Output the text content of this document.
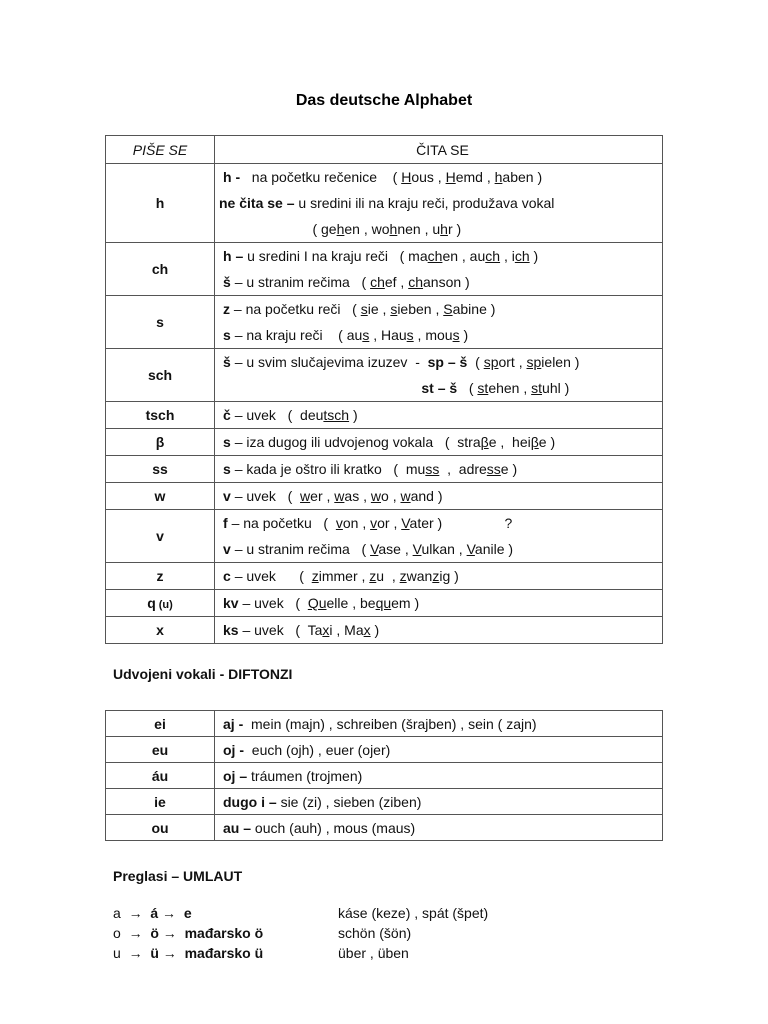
Das deutsche Alphabet
PIŠE SE	ČITA SE
h	h -   na početku rečenice    ( Hous , Hemd , haben )
ne čita se – u sredini ili na kraju reči, produžava vokal
( gehen , wohnen , uhr )

ch	h – u sredini I na kraju reči   ( machen , auch , ich )
š – u stranim rečima   ( chef , chanson )

s	z – na početku reči   ( sie , sieben , Sabine )
s – na kraju reči    ( aus , Haus , mous )

sch	š – u svim slučajevima izuzev  -  sp – š  ( sport , spielen )
st – š   ( stehen , stuhl )

tsch	č – uvek   (  deutsch )

β	s – iza dugog ili udvojenog vokala   (  straβe ,  heiβe )

ss	s – kada je oštro ili kratko   (  muss  ,  adresse )

w	v – uvek   (  wer , was , wo , wand )

v	f – na početku   (  von , vor , Vater )                ?
v – u stranim rečima   ( Vase , Vulkan , Vanile )

z	c – uvek      (  zimmer , zu  , zwanzig )

q (u)	kv – uvek   (  Quelle , bequem )

x	ks – uvek   (  Taxi , Max )
Udvojeni vokali - DIFTONZI
ei	aj -  mein (majn) , schreiben (šrajben) , sein ( zajn)
eu	oj -  euch (ojh) , euer (ojer)
áu	oj – tráumen (trojmen)
ie	dugo i – sie (zi) , sieben (ziben)
ou	au – ouch (auh) , mous (maus)
Preglasi – UMLAUT
a  →  á →  e	káse (keze) , spát (špet)
o  →  ö →  mađarsko ö	schön (šön)
u  →  ü →  mađarsko ü	über , üben
